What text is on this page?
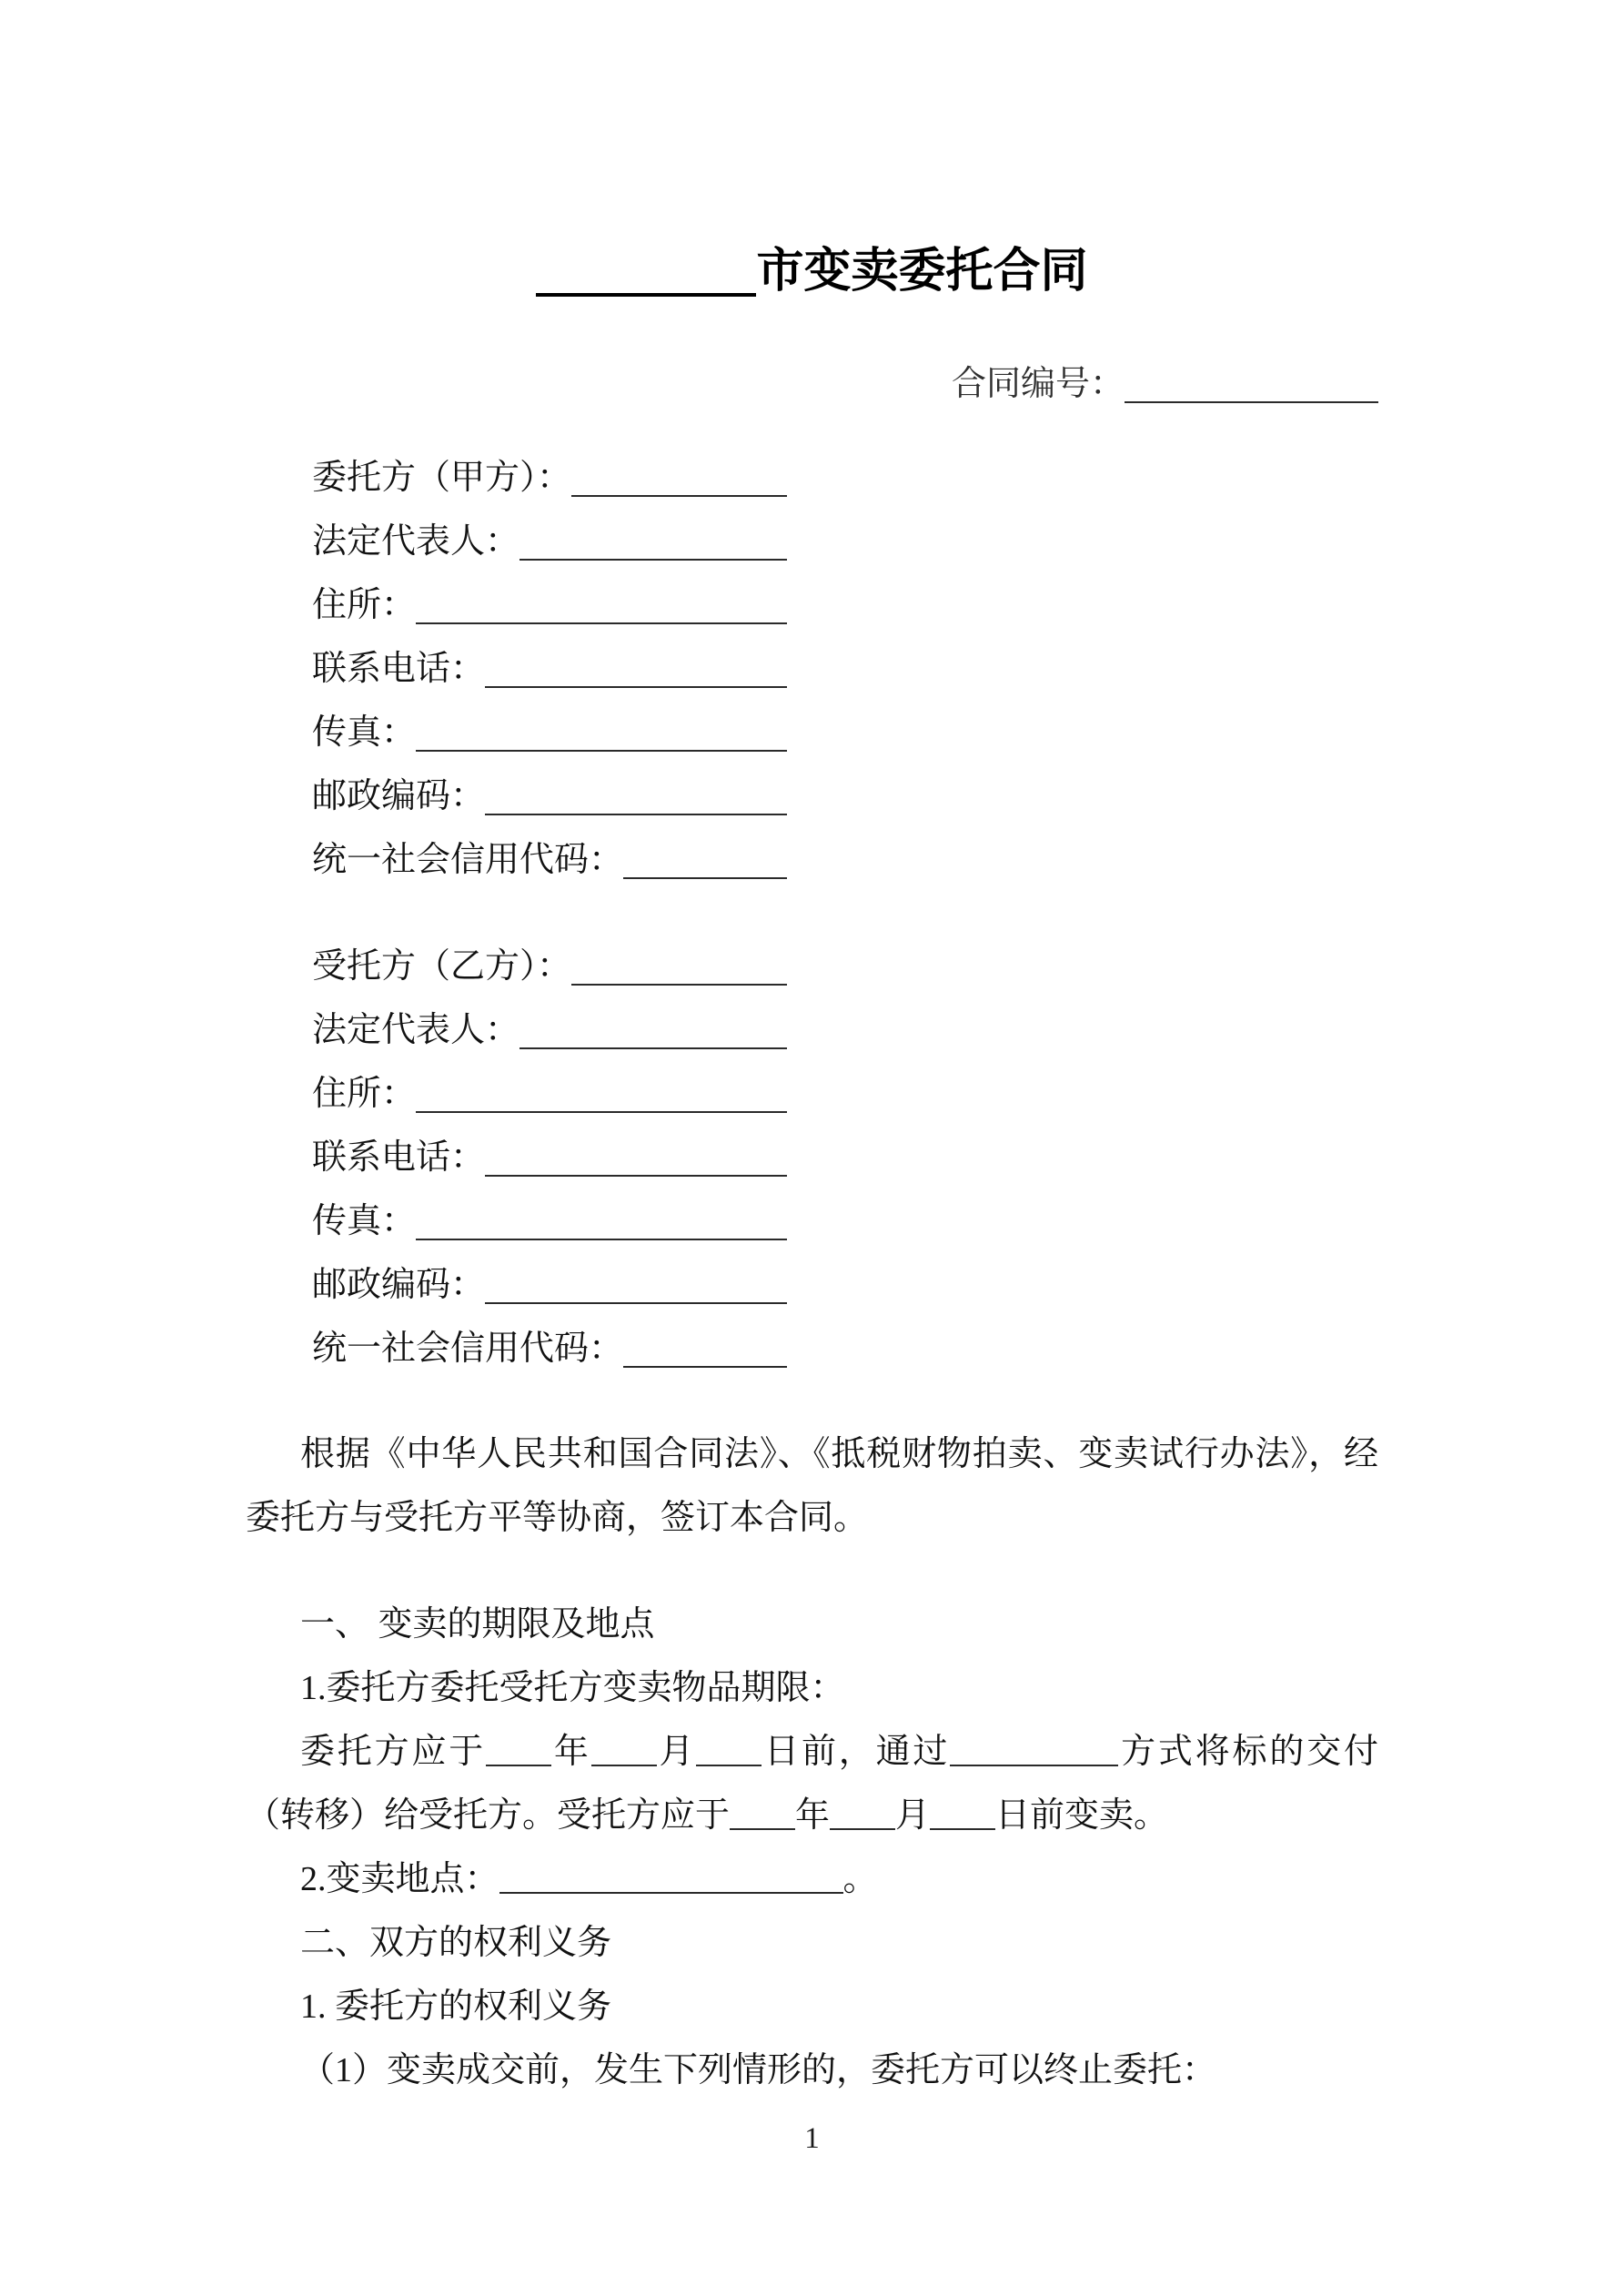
市变卖委托合同
合同编号：
委托方（甲方）：
法定代表人：
住所：
联系电话：
传真：
邮政编码：
统一社会信用代码：
受托方（乙方）：
法定代表人：
住所：
联系电话：
传真：
邮政编码：
统一社会信用代码：

根据《中华人民共和国合同法》、《抵税财物拍卖、变卖试行办法》，经委托方与受托方平等协商，签订本合同。

一、 变卖的期限及地点

1.委托方委托受托方变卖物品期限：

委托方应于 年 月 日前，通过	方式将标的交付（转移）给受托方。受托方应于 年 月 日前变卖。

2.变卖地点：	。

二、双方的权利义务

1. 委托方的权利义务

（1）变卖成交前，发生下列情形的，委托方可以终止委托：

1
